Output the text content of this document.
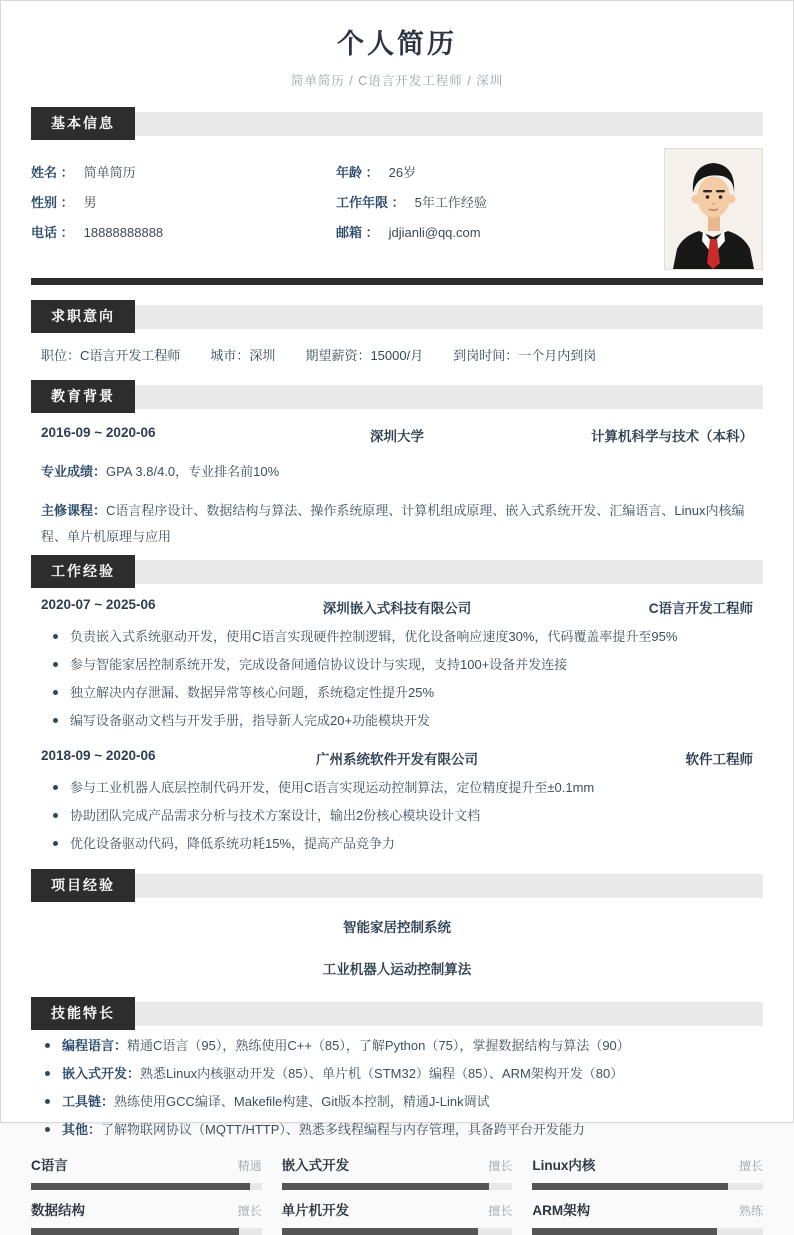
个人简历
简单简历 / C语言开发工程师 / 深圳
基本信息
姓名 ： 简单简历
性别 ： 男
电话 ： 18888888888
年龄 ： 26岁
工作年限 ： 5年工作经验
邮箱 ： jdjianli@qq.com
求职意向
职位：C语言开发工程师 城市：深圳 期望薪资：15000/月 到岗时间：一个月内到岗
教育背景
2016-09 ~ 2020-06	深圳大学	计算机科学与技术（本科）
专业成绩：GPA 3.8/4.0，专业排名前10%
主修课程：C语言程序设计、数据结构与算法、操作系统原理、计算机组成原理、嵌入式系统开发、汇编语言、Linux内核编程、单片机原理与应用
工作经验
2020-07 ~ 2025-06	深圳嵌入式科技有限公司	C语言开发工程师
负责嵌入式系统驱动开发，使用C语言实现硬件控制逻辑，优化设备响应速度30%，代码覆盖率提升至95%
参与智能家居控制系统开发，完成设备间通信协议设计与实现，支持100+设备并发连接
独立解决内存泄漏、数据异常等核心问题，系统稳定性提升25%
编写设备驱动文档与开发手册，指导新人完成20+功能模块开发
2018-09 ~ 2020-06	广州系统软件开发有限公司	软件工程师
参与工业机器人底层控制代码开发，使用C语言实现运动控制算法，定位精度提升至±0.1mm
协助团队完成产品需求分析与技术方案设计，输出2份核心模块设计文档
优化设备驱动代码，降低系统功耗15%，提高产品竞争力
项目经验
智能家居控制系统
工业机器人运动控制算法
技能特长
编程语言：精通C语言（95），熟练使用C++（85），了解Python（75），掌握数据结构与算法（90）
嵌入式开发：熟悉Linux内核驱动开发（85）、单片机（STM32）编程（85）、ARM架构开发（80）
工具链：熟练使用GCC编译、Makefile构建、Git版本控制，精通J-Link调试
其他：了解物联网协议（MQTT/HTTP）、熟悉多线程编程与内存管理，具备跨平台开发能力
C语言	精通 嵌入式开发	擅长 Linux内核	擅长
数据结构	擅长 单片机开发	擅长 ARM架构	熟练
